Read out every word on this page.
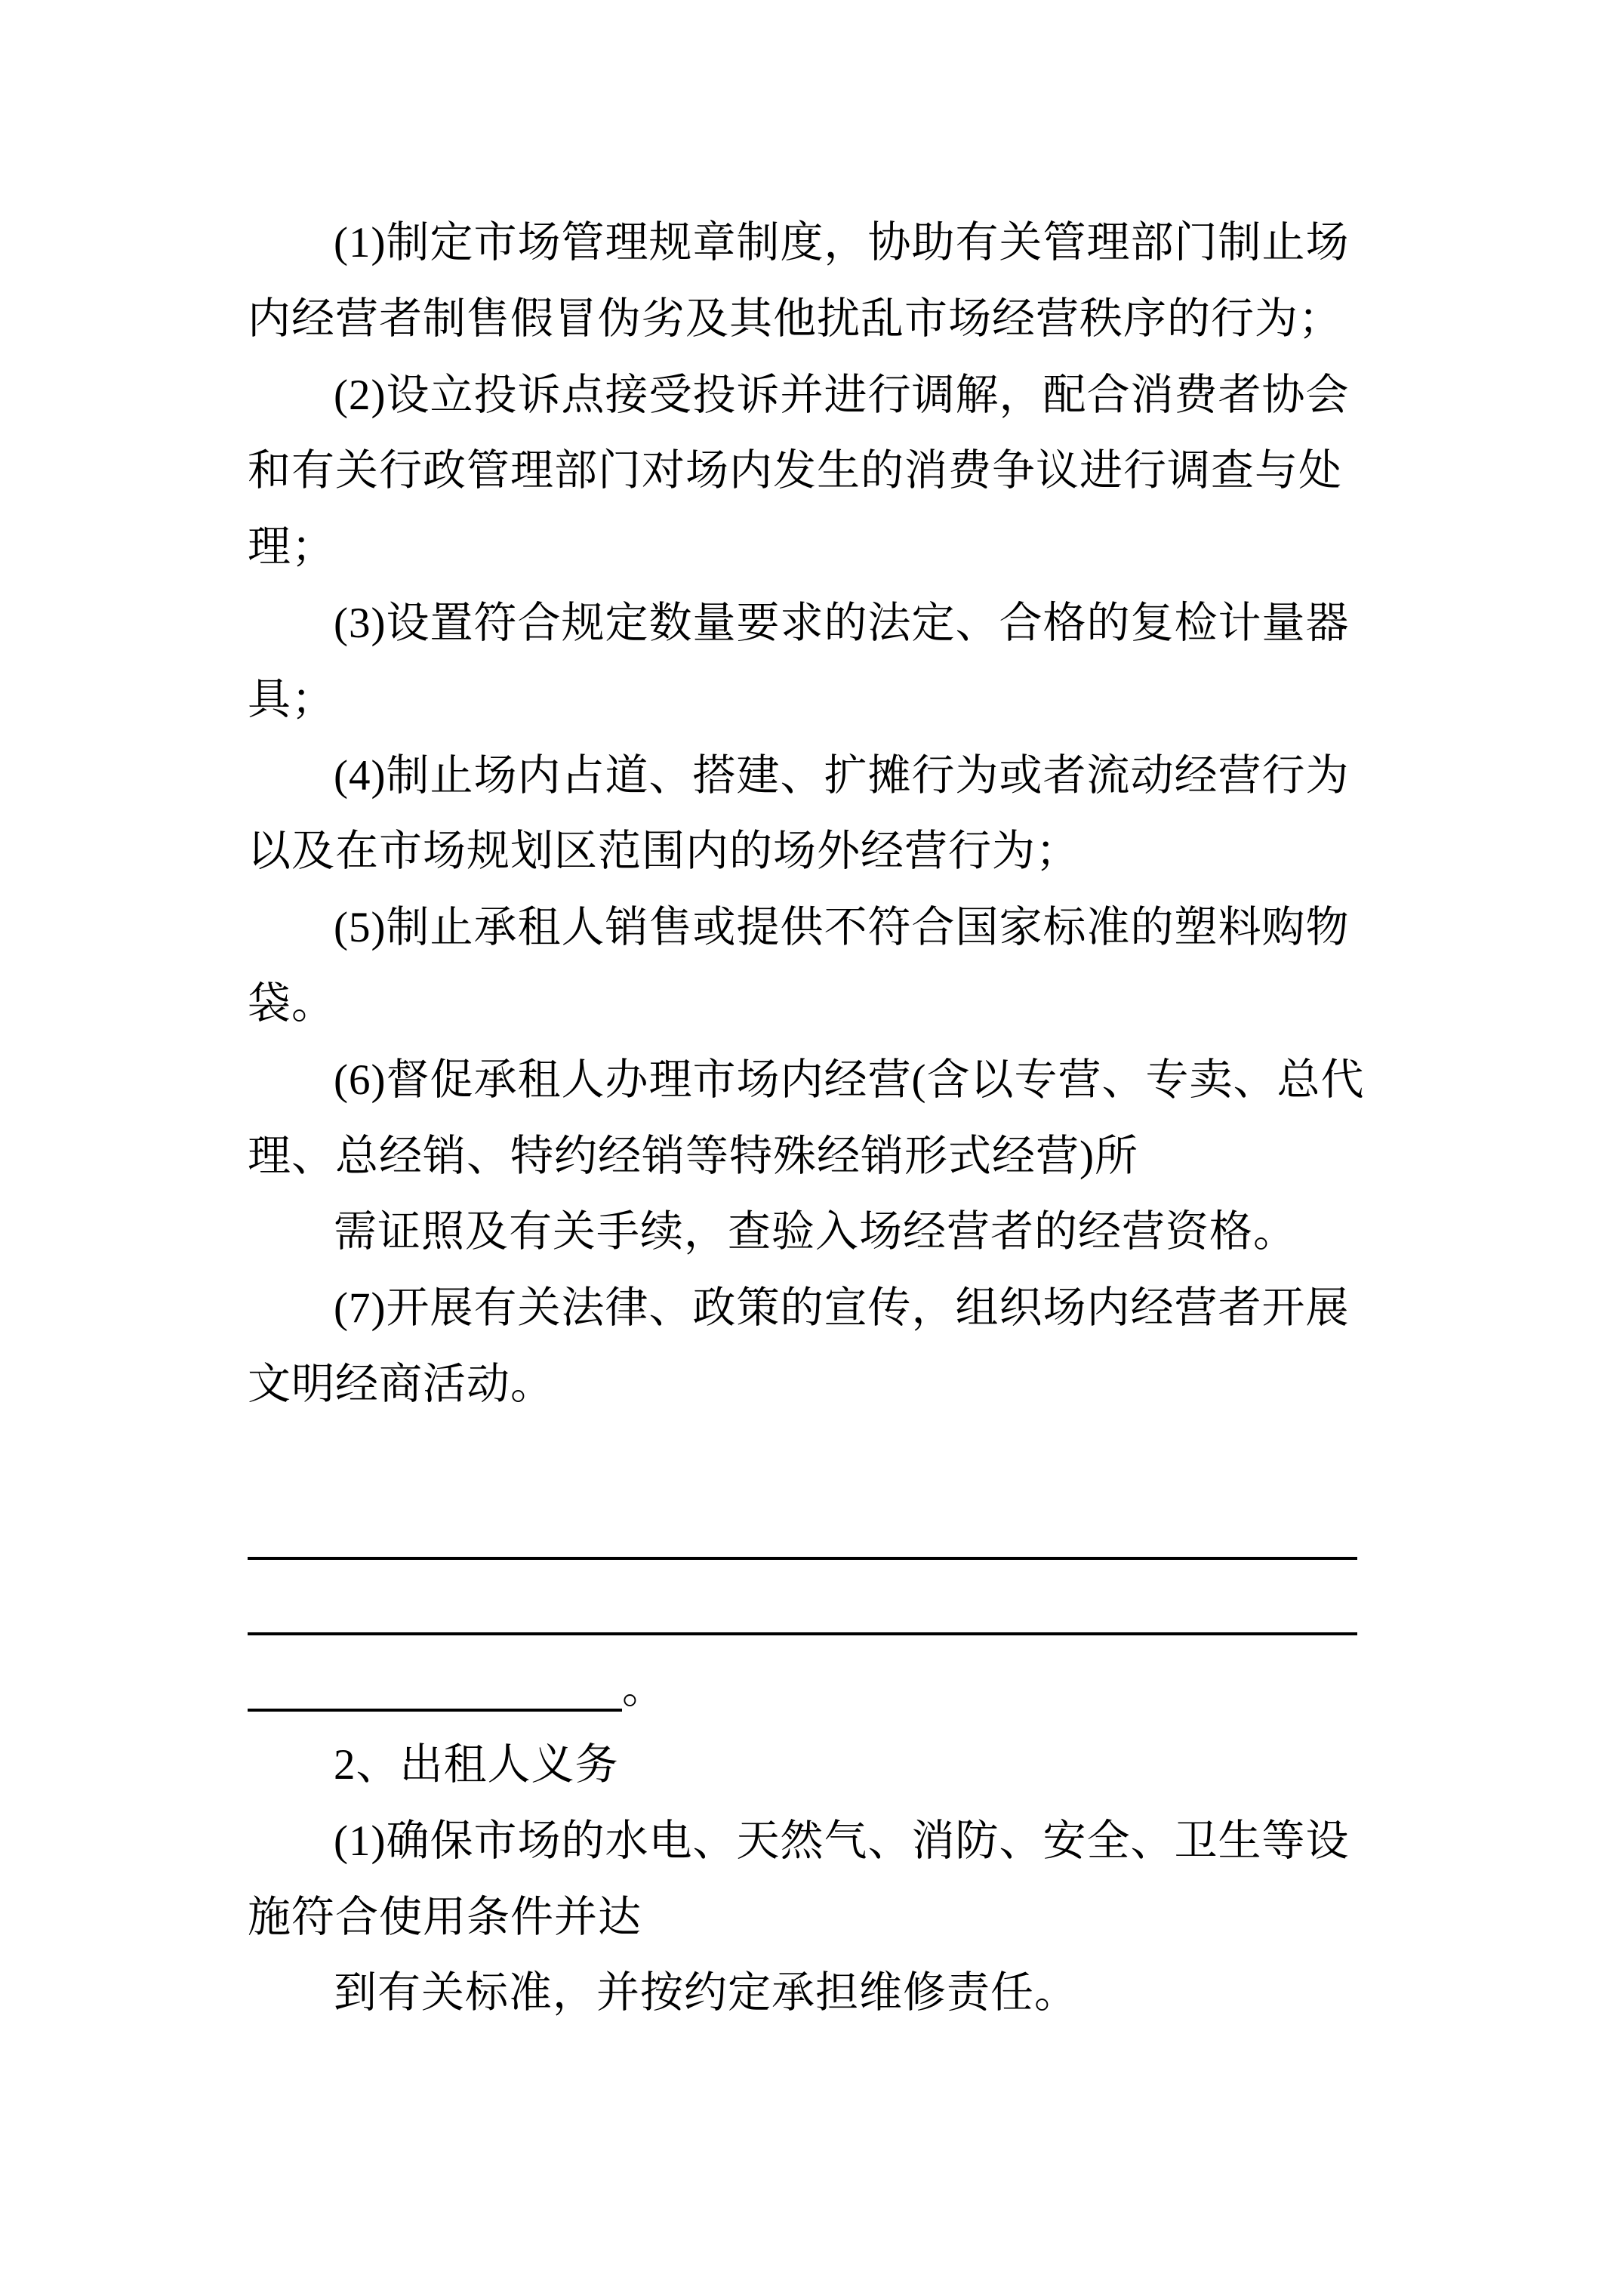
(1)制定市场管理规章制度，协助有关管理部门制止场
内经营者制售假冒伪劣及其他扰乱市场经营秩序的行为；
(2)设立投诉点接受投诉并进行调解，配合消费者协会
和有关行政管理部门对场内发生的消费争议进行调查与处
理；
(3)设置符合规定数量要求的法定、合格的复检计量器
具；
(4)制止场内占道、搭建、扩摊行为或者流动经营行为
以及在市场规划区范围内的场外经营行为；
(5)制止承租人销售或提供不符合国家标准的塑料购物
袋。
(6)督促承租人办理市场内经营(含以专营、专卖、总代
理、总经销、特约经销等特殊经销形式经营)所
需证照及有关手续，查验入场经营者的经营资格。
(7)开展有关法律、政策的宣传，组织场内经营者开展
文明经商活动。
。
2、出租人义务
(1)确保市场的水电、天然气、消防、安全、卫生等设
施符合使用条件并达
到有关标准，并按约定承担维修责任。
